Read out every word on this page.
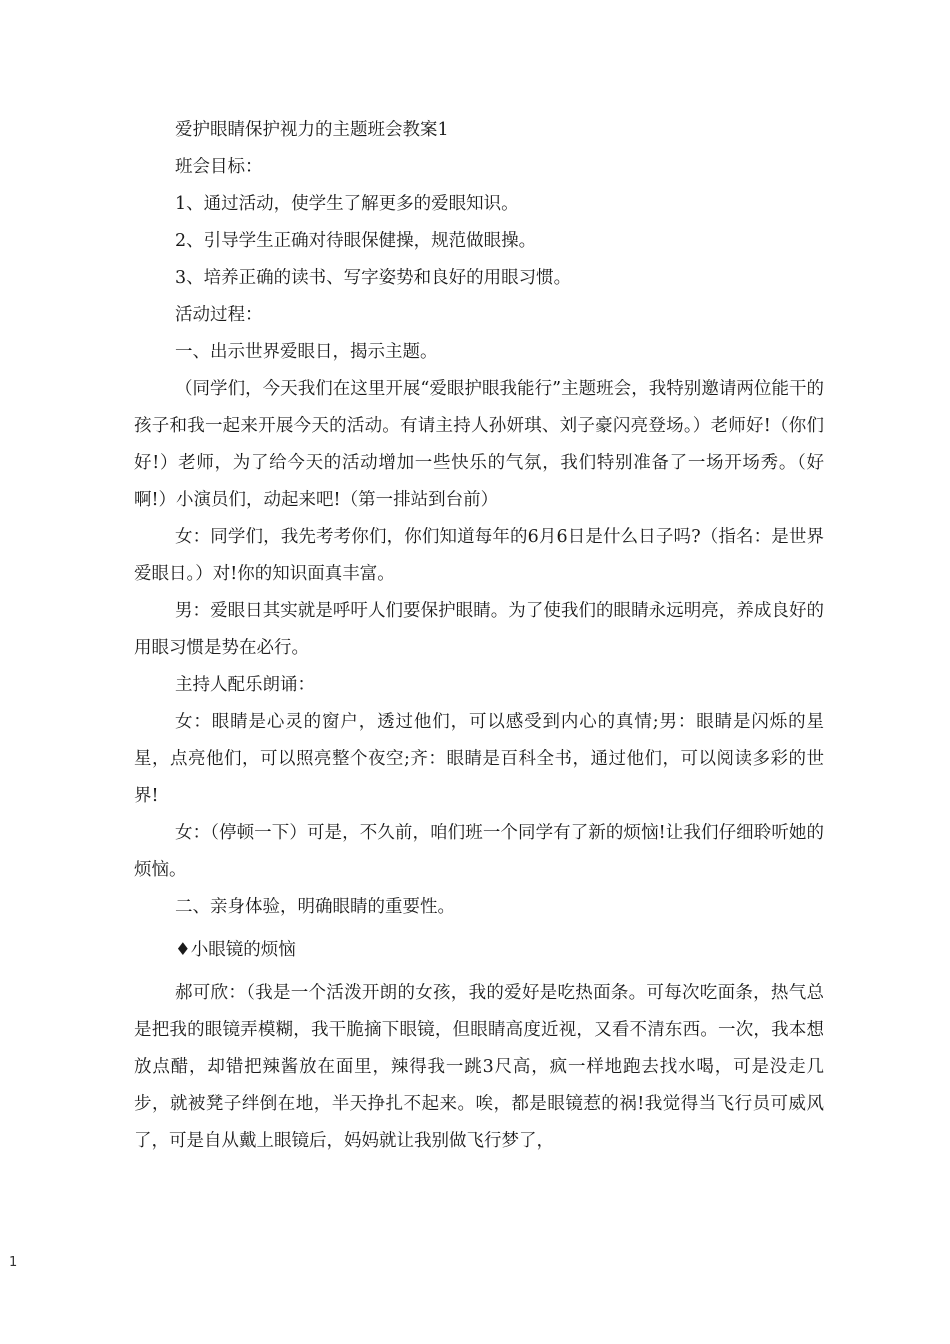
爱护眼睛保护视力的主题班会教案1

班会目标：

1、通过活动，使学生了解更多的爱眼知识。

2、引导学生正确对待眼保健操，规范做眼操。

3、培养正确的读书、写字姿势和良好的用眼习惯。

活动过程：

一、出示世界爱眼日，揭示主题。

（同学们，今天我们在这里开展“爱眼护眼我能行”主题班会，我特别邀请两位能干的孩子和我一起来开展今天的活动。有请主持人孙妍琪、刘子豪闪亮登场。）老师好!（你们好!）老师，为了给今天的活动增加一些快乐的气氛，我们特别准备了一场开场秀。（好啊!）小演员们，动起来吧!（第一排站到台前）

女：同学们，我先考考你们，你们知道每年的6月6日是什么日子吗?（指名：是世界爱眼日。）对!你的知识面真丰富。

男：爱眼日其实就是呼吁人们要保护眼睛。为了使我们的眼睛永远明亮，养成良好的用眼习惯是势在必行。

主持人配乐朗诵：

女：眼睛是心灵的窗户，透过他们，可以感受到内心的真情;男：眼睛是闪烁的星星，点亮他们，可以照亮整个夜空;齐：眼睛是百科全书，通过他们，可以阅读多彩的世界!

女：（停顿一下）可是，不久前，咱们班一个同学有了新的烦恼!让我们仔细聆听她的烦恼。

二、亲身体验，明确眼睛的重要性。

♦小眼镜的烦恼

郝可欣：（我是一个活泼开朗的女孩，我的爱好是吃热面条。可每次吃面条，热气总是把我的眼镜弄模糊，我干脆摘下眼镜，但眼睛高度近视，又看不清东西。一次，我本想放点醋，却错把辣酱放在面里，辣得我一跳3尺高，疯一样地跑去找水喝，可是没走几步，就被凳子绊倒在地，半天挣扎不起来。唉，都是眼镜惹的祸!我觉得当飞行员可威风了，可是自从戴上眼镜后，妈妈就让我别做飞行梦了，

1
